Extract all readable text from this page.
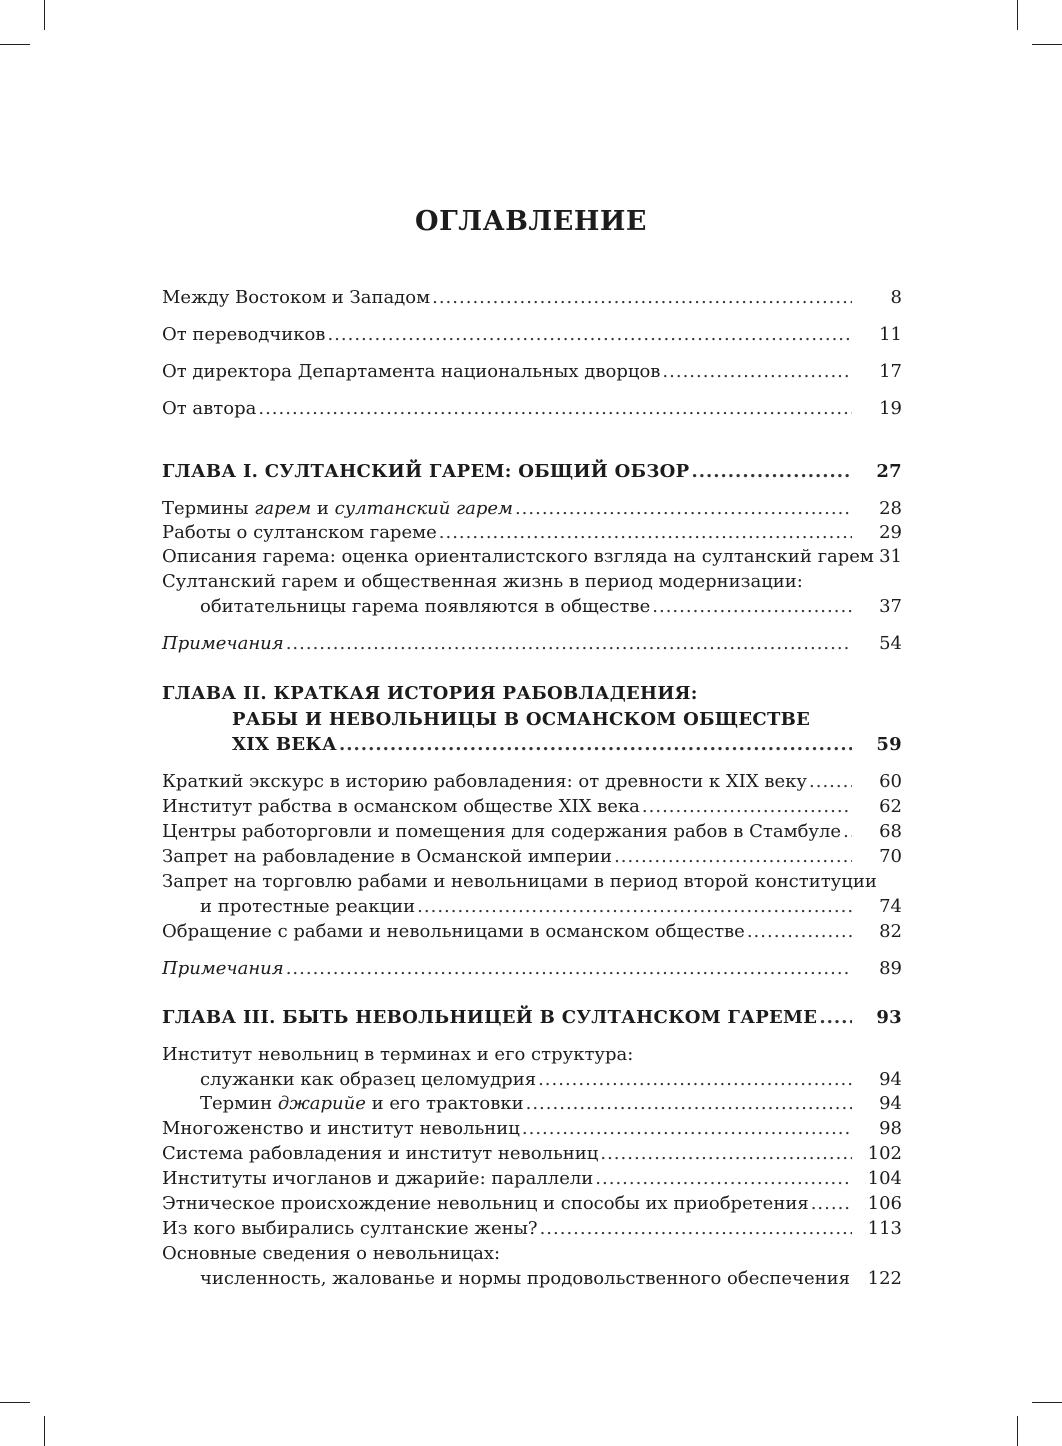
ОГЛАВЛЕНИЕ
Между Востоком и Западом .....	8
От переводчиков .....	11
От директора Департамента национальных дворцов .....	17
От автора .....	19
ГЛАВА I. СУЛТАНСКИЙ ГАРЕМ: ОБЩИЙ ОБЗОР .....	27
Термины гарем и султанский гарем .....	28
Работы о султанском гареме .....	29
Описания гарема: оценка ориенталистского взгляда на султанский гарем 31
Султанский гарем и общественная жизнь в период модернизации:
обитательницы гарема появляются в обществе .....	37
Примечания .....	54
ГЛАВА II. КРАТКАЯ ИСТОРИЯ РАБОВЛАДЕНИЯ:
РАБЫ И НЕВОЛЬНИЦЫ В ОСМАНСКОМ ОБЩЕСТВЕ
XIX ВЕКА .....	59
Краткий экскурс в историю рабовладения: от древности к XIX веку .....	60
Институт рабства в османском обществе XIX века .....	62
Центры работорговли и помещения для содержания рабов в Стамбуле .....	68
Запрет на рабовладение в Османской империи .....	70
Запрет на торговлю рабами и невольницами в период второй конституции
и протестные реакции .....	74
Обращение с рабами и невольницами в османском обществе .....	82
Примечания .....	89
ГЛАВА III. БЫТЬ НЕВОЛЬНИЦЕЙ В СУЛТАНСКОМ ГАРЕМЕ .....	93
Институт невольниц в терминах и его структура:
служанки как образец целомудрия .....	94
Термин джарийе и его трактовки .....	94
Многоженство и институт невольниц .....	98
Система рабовладения и институт невольниц .....	102
Институты ичогланов и джарийе: параллели .....	104
Этническое происхождение невольниц и способы их приобретения .....	106
Из кого выбирались султанские жены? .....	113
Основные сведения о невольницах:
численность, жалованье и нормы продовольственного обеспечения 122
